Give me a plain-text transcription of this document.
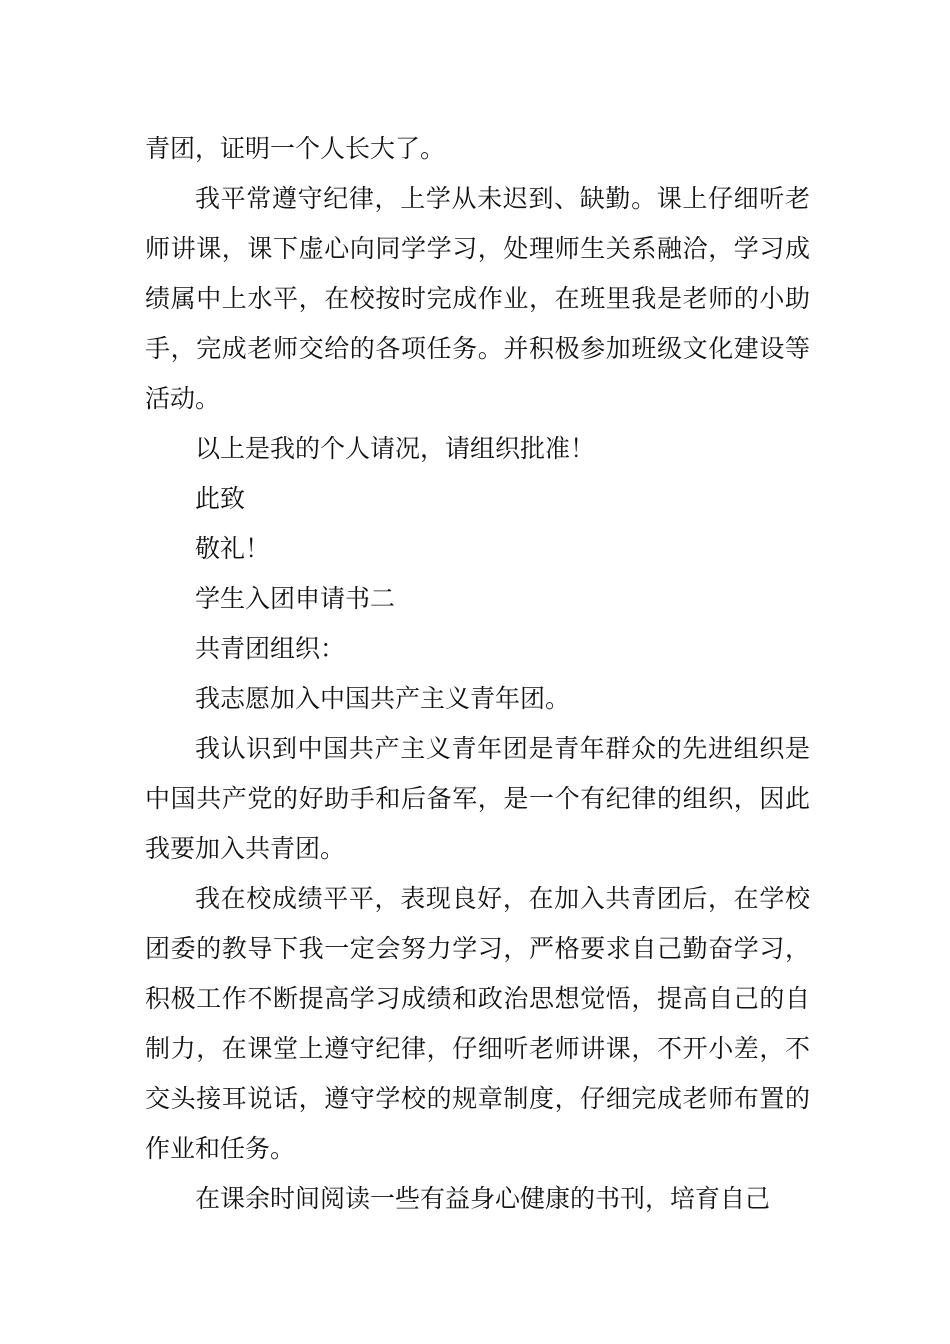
青团，证明一个人长大了。

我平常遵守纪律，上学从未迟到、缺勤。课上仔细听老师讲课，课下虚心向同学学习，处理师生关系融洽，学习成绩属中上水平，在校按时完成作业，在班里我是老师的小助手，完成老师交给的各项任务。并积极参加班级文化建设等活动。

以上是我的个人请况，请组织批准！

此致

敬礼！

学生入团申请书二

共青团组织：

我志愿加入中国共产主义青年团。

我认识到中国共产主义青年团是青年群众的先进组织是中国共产党的好助手和后备军，是一个有纪律的组织，因此我要加入共青团。

我在校成绩平平，表现良好，在加入共青团后，在学校团委的教导下我一定会努力学习，严格要求自己勤奋学习，积极工作不断提高学习成绩和政治思想觉悟，提高自己的自制力，在课堂上遵守纪律，仔细听老师讲课，不开小差，不交头接耳说话，遵守学校的规章制度，仔细完成老师布置的作业和任务。

在课余时间阅读一些有益身心健康的书刊，培育自己
